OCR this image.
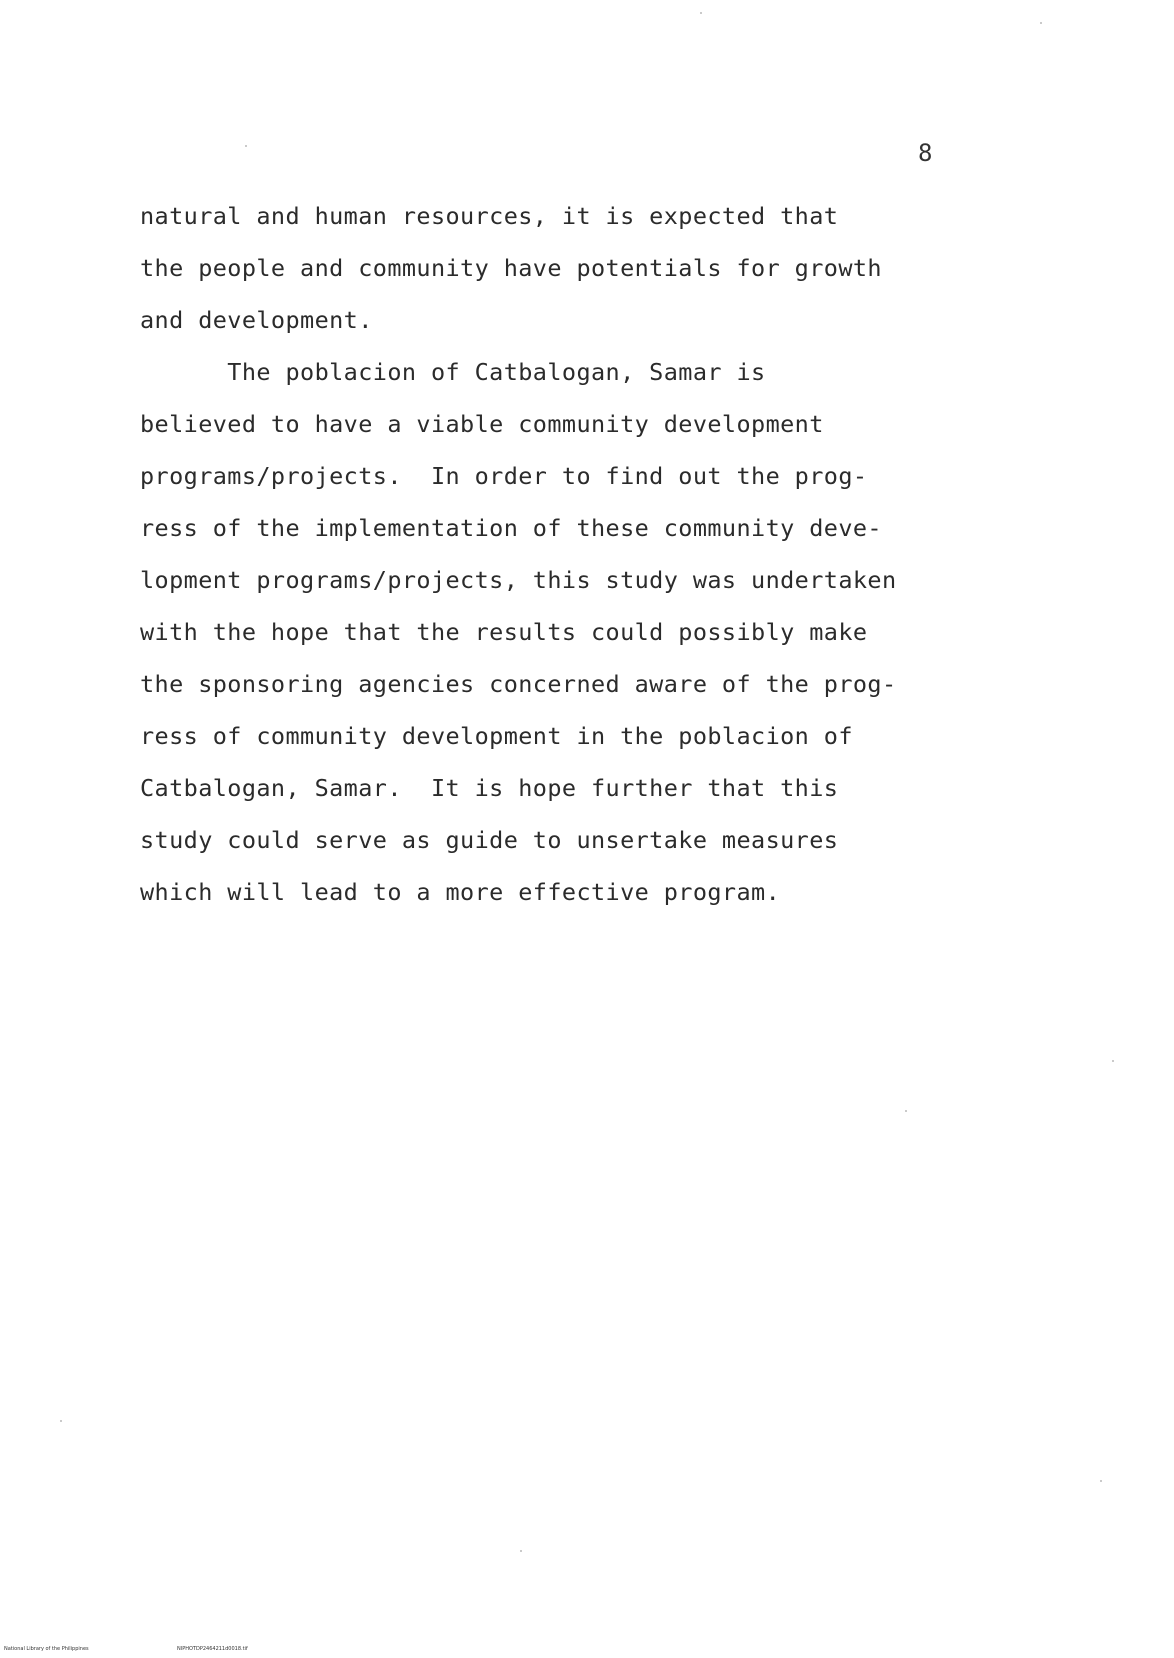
8
natural and human resources, it is expected that
the people and community have potentials for growth
and development.
The poblacion of Catbalogan, Samar is
believed to have a viable community development
programs/projects.  In order to find out the prog-
ress of the implementation of these community deve-
lopment programs/projects, this study was undertaken
with the hope that the results could possibly make
the sponsoring agencies concerned aware of the prog-
ress of community development in the poblacion of
Catbalogan, Samar.  It is hope further that this
study could serve as guide to unsertake measures
which will lead to a more effective program.
National Library of the Philippines	NIPHOTDP2464211d0018.tif
